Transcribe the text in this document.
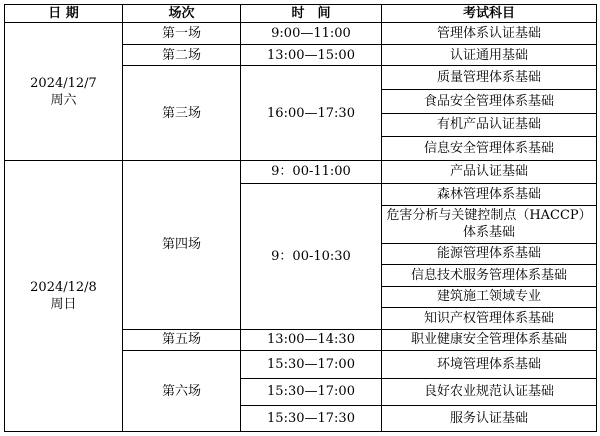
日 期	场次	时　间	考试科目

2024/12/7
周六	第一场	9:00—11:00	管理体系认证基础
	第二场	13:00—15:00	认证通用基础
	第三场	16:00—17:30	质量管理体系基础
			食品安全管理体系基础
			有机产品认证基础
			信息安全管理体系基础

2024/12/8
周日	第四场	9：00-11:00	产品认证基础
		9：00-10:30	森林管理体系基础
			危害分析与关键控制点（HACCP）体系基础
			能源管理体系基础
			信息技术服务管理体系基础
			建筑施工领域专业
			知识产权管理体系基础
	第五场	13:00—14:30	职业健康安全管理体系基础
	第六场	15:30—17:00	环境管理体系基础
		15:30—17:00	良好农业规范认证基础
		15:30—17:30	服务认证基础
